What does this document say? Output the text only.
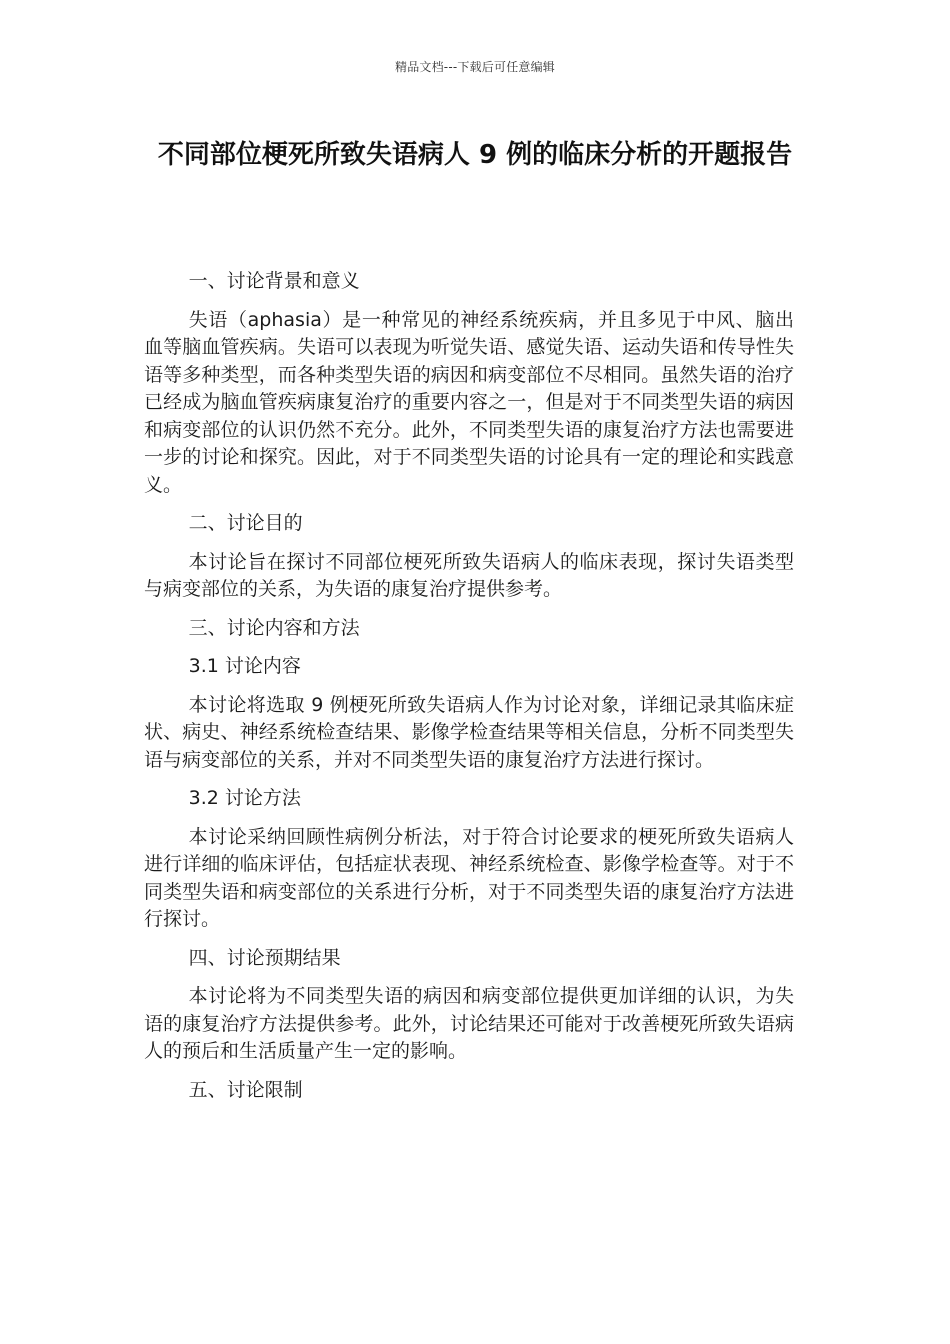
精品文档---下载后可任意编辑
不同部位梗死所致失语病人 9 例的临床分析的开题报告
一、讨论背景和意义
失语（aphasia）是一种常见的神经系统疾病，并且多见于中风、脑出血等脑血管疾病。失语可以表现为听觉失语、感觉失语、运动失语和传导性失语等多种类型，而各种类型失语的病因和病变部位不尽相同。虽然失语的治疗已经成为脑血管疾病康复治疗的重要内容之一，但是对于不同类型失语的病因和病变部位的认识仍然不充分。此外，不同类型失语的康复治疗方法也需要进一步的讨论和探究。因此，对于不同类型失语的讨论具有一定的理论和实践意义。
二、讨论目的
本讨论旨在探讨不同部位梗死所致失语病人的临床表现，探讨失语类型与病变部位的关系，为失语的康复治疗提供参考。
三、讨论内容和方法
3.1 讨论内容
本讨论将选取 9 例梗死所致失语病人作为讨论对象，详细记录其临床症状、病史、神经系统检查结果、影像学检查结果等相关信息，分析不同类型失语与病变部位的关系，并对不同类型失语的康复治疗方法进行探讨。
3.2 讨论方法
本讨论采纳回顾性病例分析法，对于符合讨论要求的梗死所致失语病人进行详细的临床评估，包括症状表现、神经系统检查、影像学检查等。对于不同类型失语和病变部位的关系进行分析，对于不同类型失语的康复治疗方法进行探讨。
四、讨论预期结果
本讨论将为不同类型失语的病因和病变部位提供更加详细的认识，为失语的康复治疗方法提供参考。此外，讨论结果还可能对于改善梗死所致失语病人的预后和生活质量产生一定的影响。
五、讨论限制
